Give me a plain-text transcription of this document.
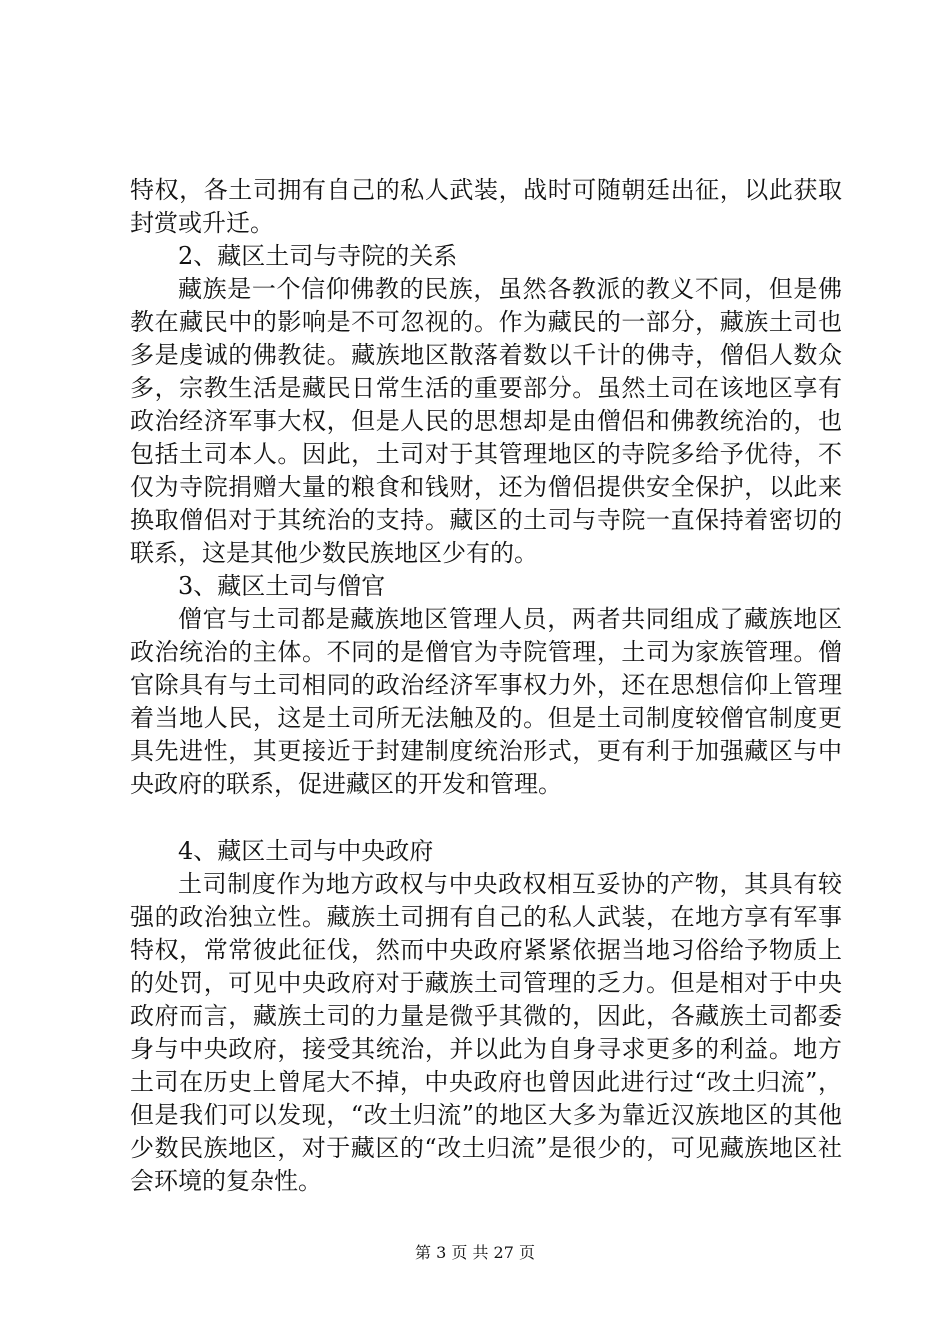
特权，各土司拥有自己的私人武装，战时可随朝廷出征，以此获取封赏或升迁。

2、藏区土司与寺院的关系

藏族是一个信仰佛教的民族，虽然各教派的教义不同，但是佛教在藏民中的影响是不可忽视的。作为藏民的一部分，藏族土司也多是虔诚的佛教徒。藏族地区散落着数以千计的佛寺，僧侣人数众多，宗教生活是藏民日常生活的重要部分。虽然土司在该地区享有政治经济军事大权，但是人民的思想却是由僧侣和佛教统治的，也包括土司本人。因此，土司对于其管理地区的寺院多给予优待，不仅为寺院捐赠大量的粮食和钱财，还为僧侣提供安全保护，以此来换取僧侣对于其统治的支持。藏区的土司与寺院一直保持着密切的联系，这是其他少数民族地区少有的。

3、藏区土司与僧官

僧官与土司都是藏族地区管理人员，两者共同组成了藏族地区政治统治的主体。不同的是僧官为寺院管理，土司为家族管理。僧官除具有与土司相同的政治经济军事权力外，还在思想信仰上管理着当地人民，这是土司所无法触及的。但是土司制度较僧官制度更具先进性，其更接近于封建制度统治形式，更有利于加强藏区与中央政府的联系，促进藏区的开发和管理。

4、藏区土司与中央政府

土司制度作为地方政权与中央政权相互妥协的产物，其具有较强的政治独立性。藏族土司拥有自己的私人武装，在地方享有军事特权，常常彼此征伐，然而中央政府紧紧依据当地习俗给予物质上的处罚，可见中央政府对于藏族土司管理的乏力。但是相对于中央政府而言，藏族土司的力量是微乎其微的，因此，各藏族土司都委身与中央政府，接受其统治，并以此为自身寻求更多的利益。地方土司在历史上曾尾大不掉，中央政府也曾因此进行过“改土归流”，但是我们可以发现，“改土归流”的地区大多为靠近汉族地区的其他少数民族地区，对于藏区的“改土归流”是很少的，可见藏族地区社会环境的复杂性。

第 3 页 共 27 页
